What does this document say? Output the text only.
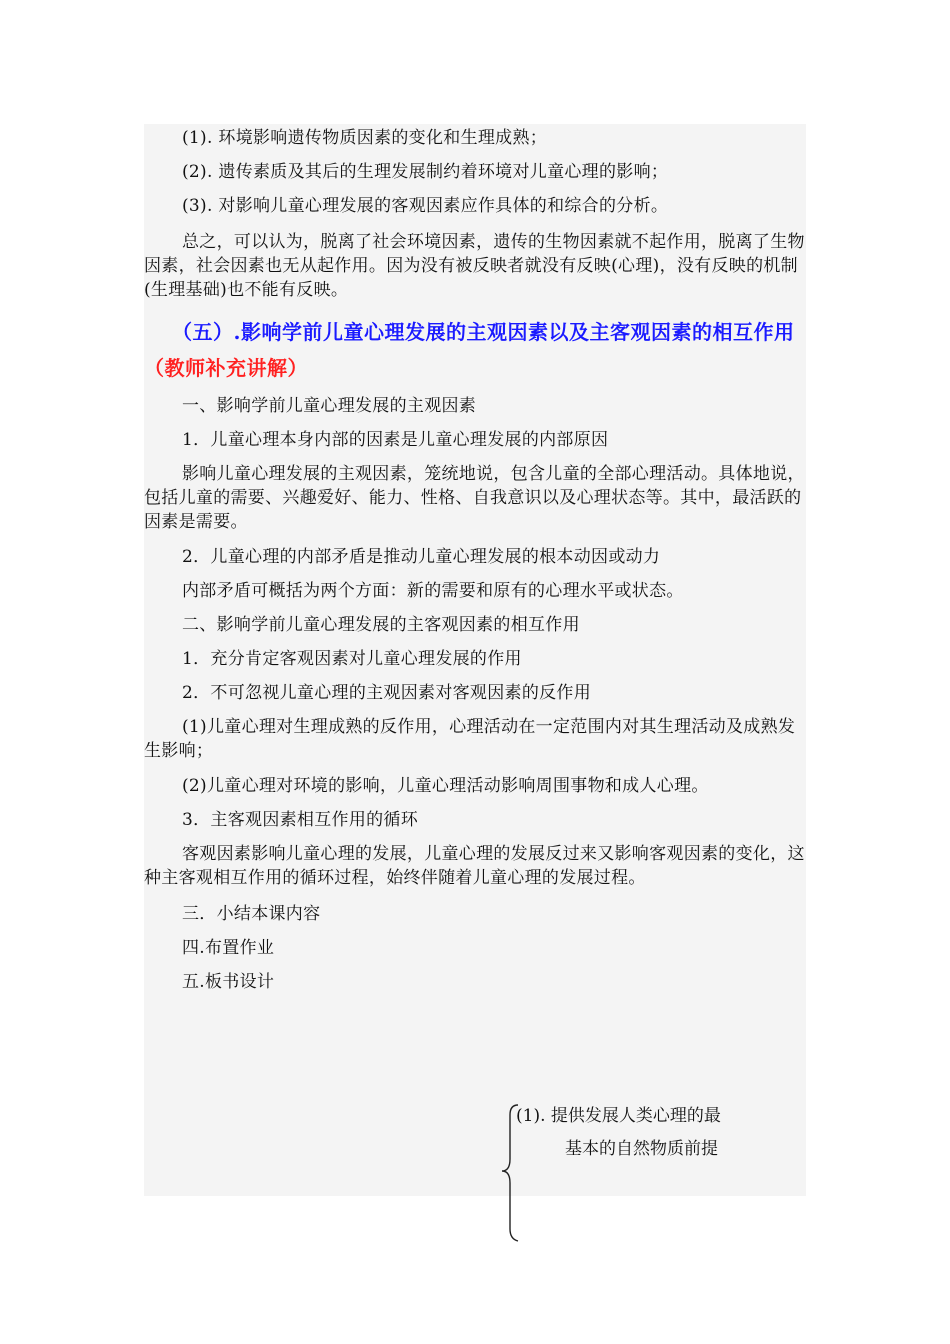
(1). 环境影响遗传物质因素的变化和生理成熟；
(2). 遗传素质及其后的生理发展制约着环境对儿童心理的影响；
(3). 对影响儿童心理发展的客观因素应作具体的和综合的分析。
总之，可以认为，脱离了社会环境因素，遗传的生物因素就不起作用，脱离了生物因素，社会因素也无从起作用。因为没有被反映者就没有反映(心理)，没有反映的机制(生理基础)也不能有反映。
（五）.影响学前儿童心理发展的主观因素以及主客观因素的相互作用（教师补充讲解）
一、影响学前儿童心理发展的主观因素
1．儿童心理本身内部的因素是儿童心理发展的内部原因
影响儿童心理发展的主观因素，笼统地说，包含儿童的全部心理活动。具体地说，包括儿童的需要、兴趣爱好、能力、性格、自我意识以及心理状态等。其中，最活跃的因素是需要。
2．儿童心理的内部矛盾是推动儿童心理发展的根本动因或动力
内部矛盾可概括为两个方面：新的需要和原有的心理水平或状态。
二、影响学前儿童心理发展的主客观因素的相互作用
1．充分肯定客观因素对儿童心理发展的作用
2．不可忽视儿童心理的主观因素对客观因素的反作用
(1)儿童心理对生理成熟的反作用，心理活动在一定范围内对其生理活动及成熟发生影响；
(2)儿童心理对环境的影响，儿童心理活动影响周围事物和成人心理。
3．主客观因素相互作用的循环
客观因素影响儿童心理的发展，儿童心理的发展反过来又影响客观因素的变化，这种主客观相互作用的循环过程，始终伴随着儿童心理的发展过程。
三．小结本课内容
四.布置作业
五.板书设计
(1). 提供发展人类心理的最
基本的自然物质前提
